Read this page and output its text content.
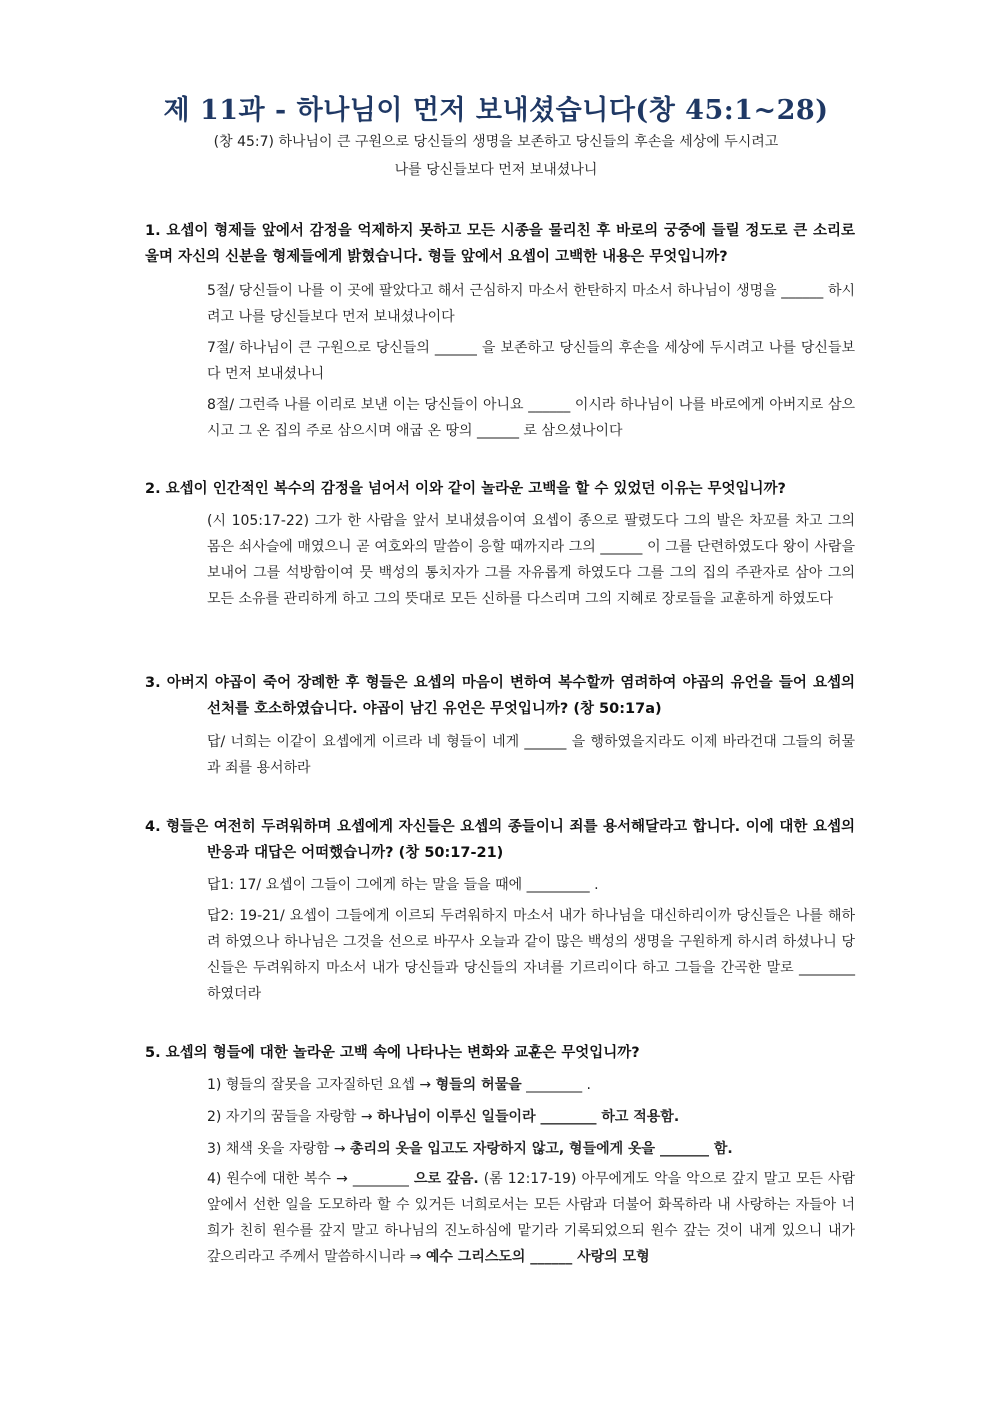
제 11과 - 하나님이 먼저 보내셨습니다(창 45:1~28)
(창 45:7) 하나님이 큰 구원으로 당신들의 생명을 보존하고 당신들의 후손을 세상에 두시려고
나를 당신들보다 먼저 보내셨나니
1. 요셉이 형제들 앞에서 감정을 억제하지 못하고 모든 시종을 물리친 후 바로의 궁중에 들릴 정도로 큰 소리로 울며 자신의 신분을 형제들에게 밝혔습니다. 형들 앞에서 요셉이 고백한 내용은 무엇입니까?
5절/ 당신들이 나를 이 곳에 팔았다고 해서 근심하지 마소서 한탄하지 마소서 하나님이 생명을 ______ 하시려고 나를 당신들보다 먼저 보내셨나이다
7절/ 하나님이 큰 구원으로 당신들의 ______ 을 보존하고 당신들의 후손을 세상에 두시려고 나를 당신들보다 먼저 보내셨나니
8절/ 그런즉 나를 이리로 보낸 이는 당신들이 아니요 ______ 이시라 하나님이 나를 바로에게 아버지로 삼으시고 그 온 집의 주로 삼으시며 애굽 온 땅의 ______ 로 삼으셨나이다
2. 요셉이 인간적인 복수의 감정을 넘어서 이와 같이 놀라운 고백을 할 수 있었던 이유는 무엇입니까?
(시 105:17-22) 그가 한 사람을 앞서 보내셨음이여 요셉이 종으로 팔렸도다 그의 발은 차꼬를 차고 그의 몸은 쇠사슬에 매였으니 곧 여호와의 말씀이 응할 때까지라 그의 ______ 이 그를 단련하였도다 왕이 사람을 보내어 그를 석방함이여 뭇 백성의 통치자가 그를 자유롭게 하였도다 그를 그의 집의 주관자로 삼아 그의 모든 소유를 관리하게 하고 그의 뜻대로 모든 신하를 다스리며 그의 지혜로 장로들을 교훈하게 하였도다
3. 아버지 야곱이 죽어 장례한 후 형들은 요셉의 마음이 변하여 복수할까 염려하여 야곱의 유언을 들어 요셉의 선처를 호소하였습니다. 야곱이 남긴 유언은 무엇입니까? (창 50:17a)
답/ 너희는 이같이 요셉에게 이르라 네 형들이 네게 ______ 을 행하였을지라도 이제 바라건대 그들의 허물과 죄를 용서하라
4. 형들은 여전히 두려워하며 요셉에게 자신들은 요셉의 종들이니 죄를 용서해달라고 합니다. 이에 대한 요셉의 반응과 대답은 어떠했습니까? (창 50:17-21)
답1: 17/ 요셉이 그들이 그에게 하는 말을 들을 때에 _________ .
답2: 19-21/ 요셉이 그들에게 이르되 두려워하지 마소서 내가 하나님을 대신하리이까 당신들은 나를 해하려 하였으나 하나님은 그것을 선으로 바꾸사 오늘과 같이 많은 백성의 생명을 구원하게 하시려 하셨나니 당신들은 두려워하지 마소서 내가 당신들과 당신들의 자녀를 기르리이다 하고 그들을 간곡한 말로 ________ 하였더라
5. 요셉의 형들에 대한 놀라운 고백 속에 나타나는 변화와 교훈은 무엇입니까?
1) 형들의 잘못을 고자질하던 요셉 → 형들의 허물을 ________ .
2) 자기의 꿈들을 자랑함 → 하나님이 이루신 일들이라 ________ 하고 적용함.
3) 채색 옷을 자랑함 → 총리의 옷을 입고도 자랑하지 않고, 형들에게 옷을 _______ 함.
4) 원수에 대한 복수 → ________ 으로 갚음. (롬 12:17-19) 아무에게도 악을 악으로 갚지 말고 모든 사람 앞에서 선한 일을 도모하라 할 수 있거든 너희로서는 모든 사람과 더불어 화목하라 내 사랑하는 자들아 너희가 친히 원수를 갚지 말고 하나님의 진노하심에 맡기라 기록되었으되 원수 갚는 것이 내게 있으니 내가 갚으리라고 주께서 말씀하시니라 ⇒ 예수 그리스도의 ______ 사랑의 모형
